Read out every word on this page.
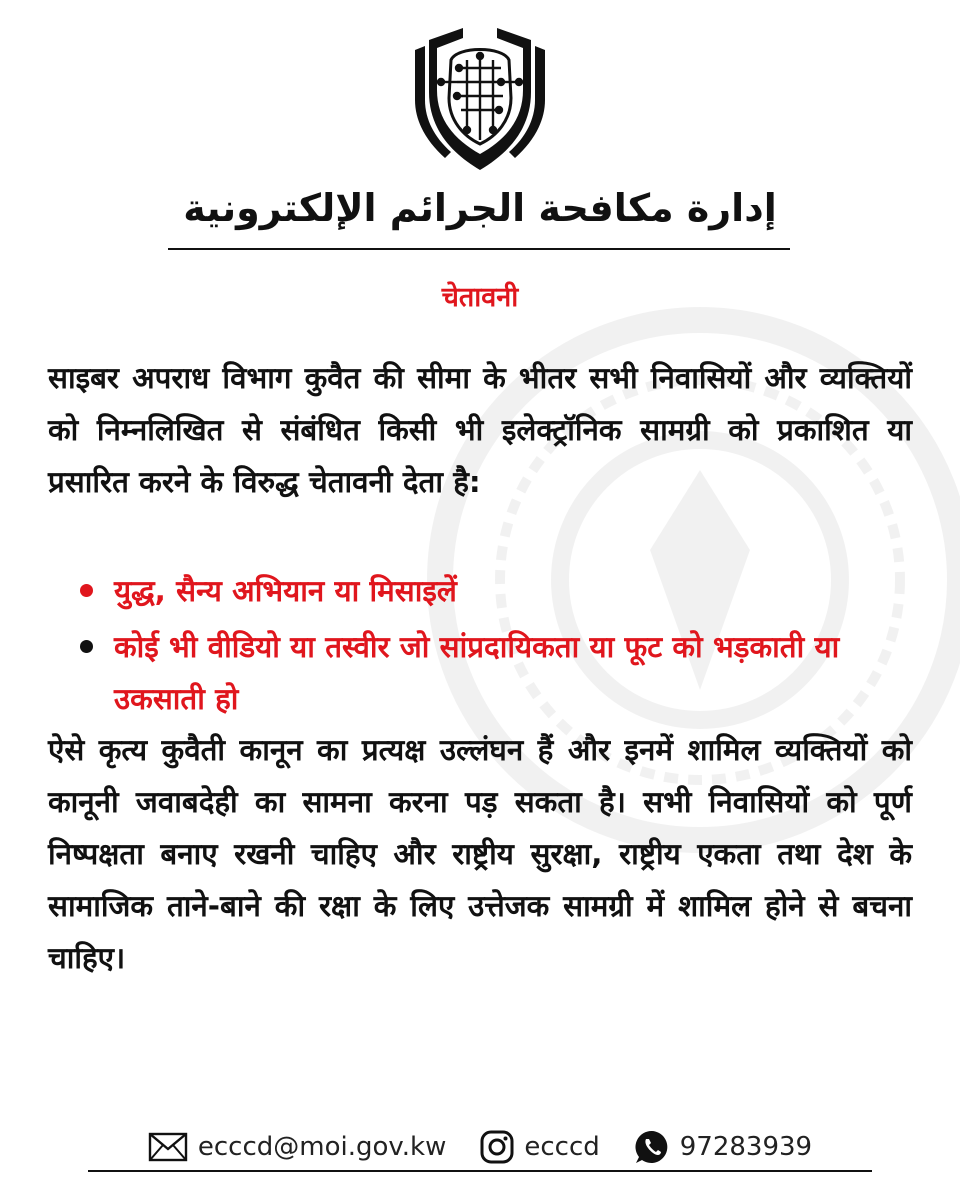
إدارة مكافحة الجرائم الإلكترونية
चेतावनी
साइबर अपराध विभाग कुवैत की सीमा के भीतर सभी निवासियों और व्यक्तियों को निम्नलिखित से संबंधित किसी भी इलेक्ट्रॉनिक सामग्री को प्रकाशित या प्रसारित करने के विरुद्ध चेतावनी देता है:
युद्ध, सैन्य अभियान या मिसाइलें
कोई भी वीडियो या तस्वीर जो सांप्रदायिकता या फूट को भड़काती या उकसाती हो
ऐसे कृत्य कुवैती कानून का प्रत्यक्ष उल्लंघन हैं और इनमें शामिल व्यक्तियों को कानूनी जवाबदेही का सामना करना पड़ सकता है। सभी निवासियों को पूर्ण निष्पक्षता बनाए रखनी चाहिए और राष्ट्रीय सुरक्षा, राष्ट्रीय एकता तथा देश के सामाजिक ताने-बाने की रक्षा के लिए उत्तेजक सामग्री में शामिल होने से बचना चाहिए।
ecccd@moi.gov.kw	ecccd	97283939
